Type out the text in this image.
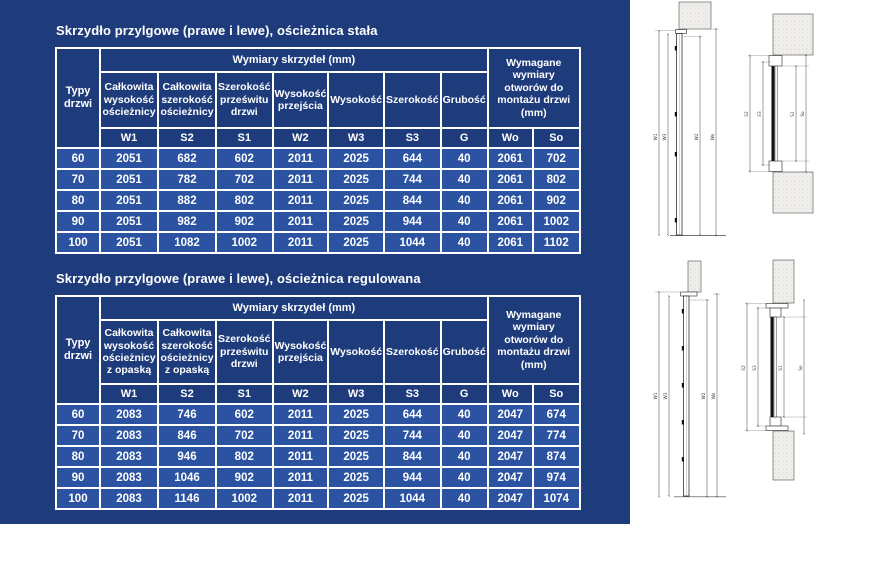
Skrzydło przylgowe (prawe i lewe), ościeżnica stała
Typy drzwi	Wymiary skrzydeł (mm)							Wymagane wymiary otworów do montażu drzwi (mm)	
	Całkowita wysokość ościeżnicy	Całkowita szerokość ościeżnicy	Szerokość prześwitu drzwi	Wysokość przejścia	Wysokość	Szerokość	Grubość		
	W1	S2	S1	W2	W3	S3	G	Wo	So
60	2051	682	602	2011	2025	644	40	2061	702
70	2051	782	702	2011	2025	744	40	2061	802
80	2051	882	802	2011	2025	844	40	2061	902
90	2051	982	902	2011	2025	944	40	2061	1002
100	2051	1082	1002	2011	2025	1044	40	2061	1102
Skrzydło przylgowe (prawe i lewe), ościeżnica regulowana
Typy drzwi	Wymiary skrzydeł (mm)							Wymagane wymiary otworów do montażu drzwi (mm)	
	Całkowita wysokość ościeżnicy z opaską	Całkowita szerokość ościeżnicy z opaską	Szerokość prześwitu drzwi	Wysokość przejścia	Wysokość	Szerokość	Grubość		
	W1	S2	S1	W2	W3	S3	G	Wo	So
60	2083	746	602	2011	2025	644	40	2047	674
70	2083	846	702	2011	2025	744	40	2047	774
80	2083	946	802	2011	2025	844	40	2047	874
90	2083	1046	902	2011	2025	944	40	2047	974
100	2083	1146	1002	2011	2025	1044	40	2047	1074
W1 W3	W2	Wo
S2 S3	S1 So
W1 W3	W2 Wo
S2 S3	S1	So
